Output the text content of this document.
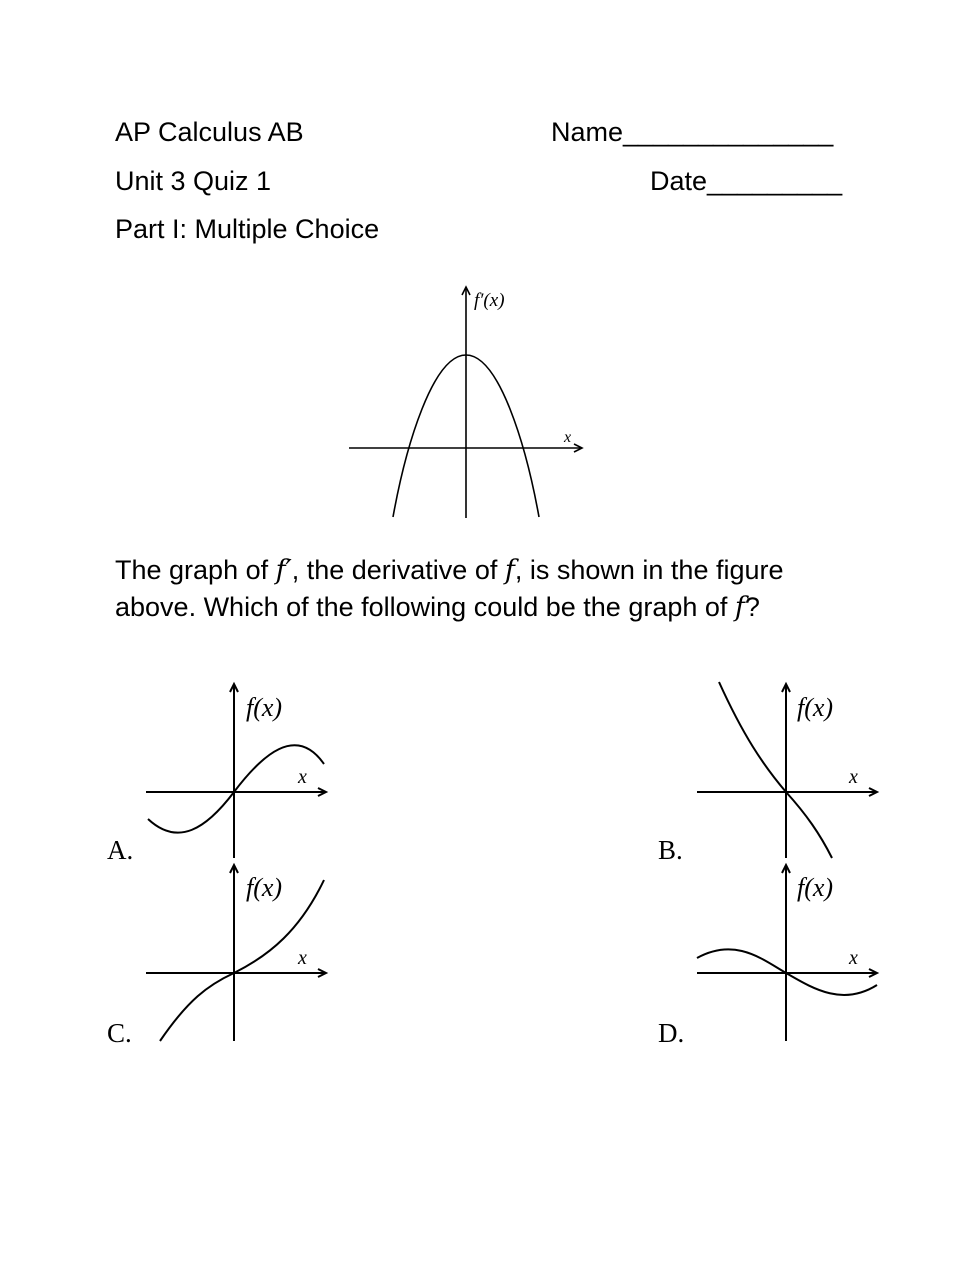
AP Calculus AB	Name______________
Unit 3 Quiz 1	Date_________
Part I: Multiple Choice
f′(x)
x
The graph of f′, the derivative of f, is shown in the figure
above. Which of the following could be the graph of f?
f(x)
x
f(x)
x
f(x)
x
f(x)
x
A.	B.
C.	D.
